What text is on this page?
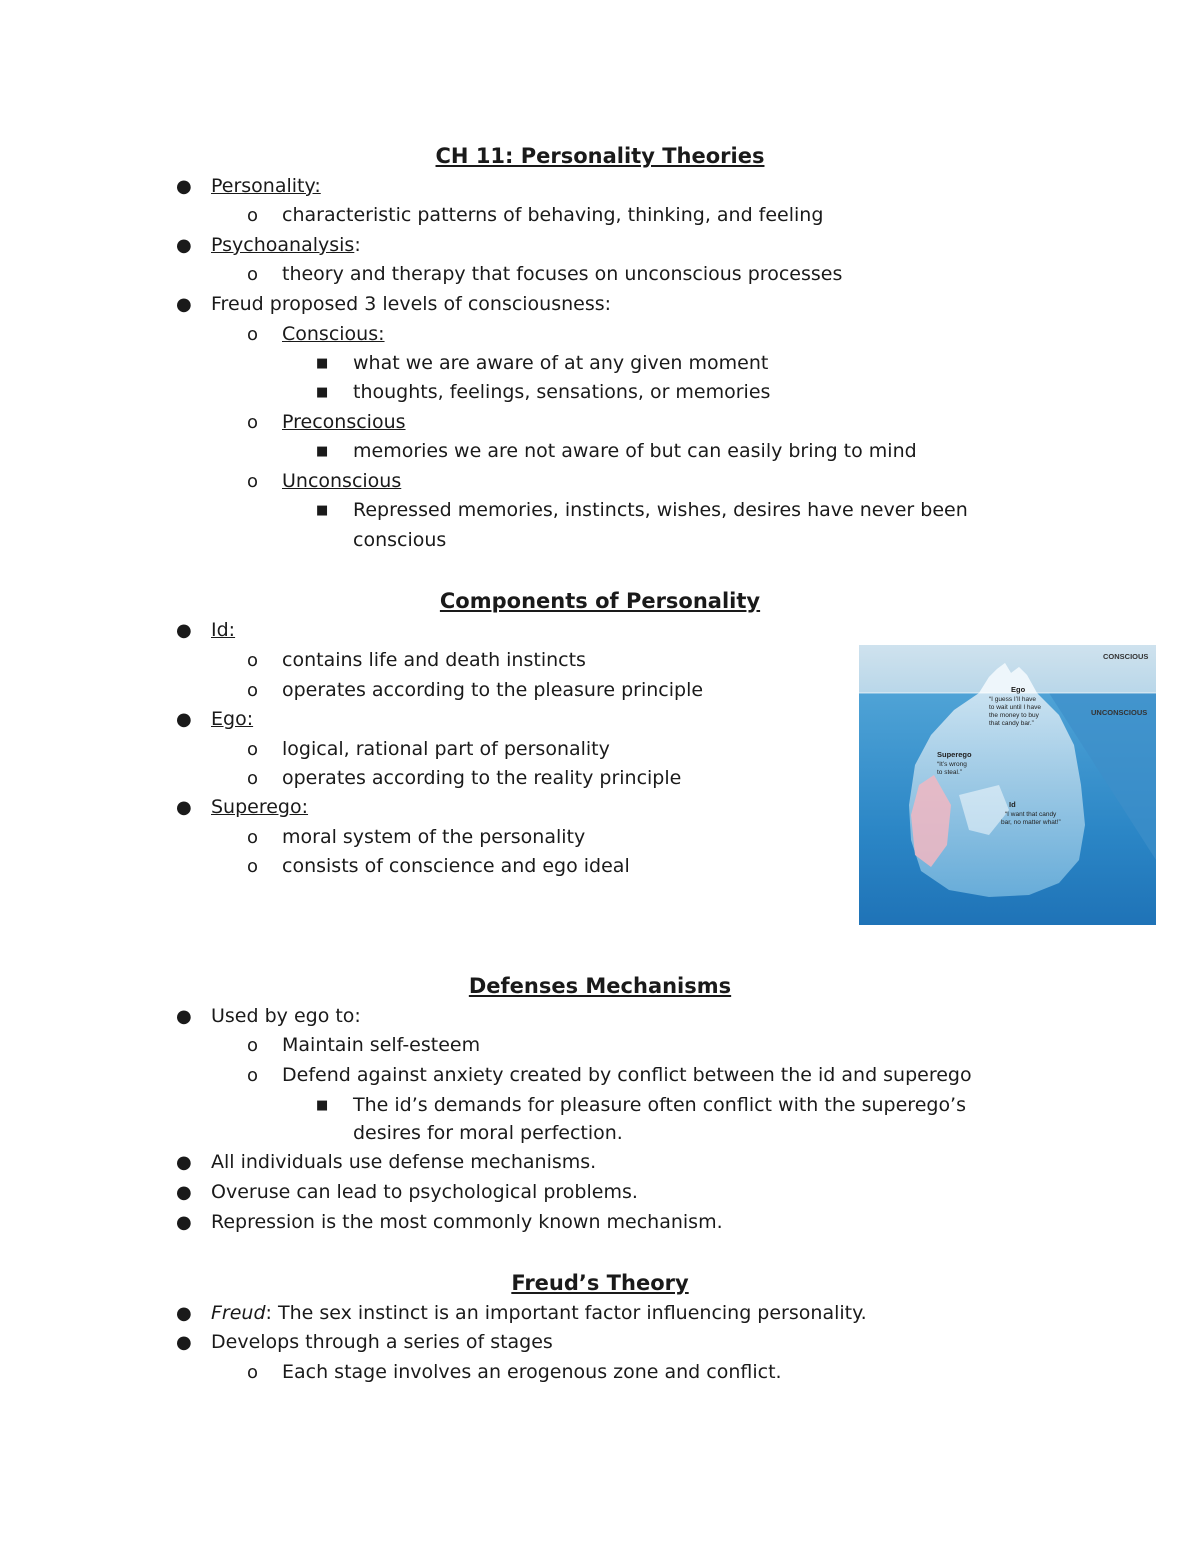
CH 11: Personality Theories
● Personality:
o characteristic patterns of behaving, thinking, and feeling
● Psychoanalysis:
o theory and therapy that focuses on unconscious processes
● Freud proposed 3 levels of consciousness:
o Conscious:
■ what we are aware of at any given moment
■ thoughts, feelings, sensations, or memories
o Preconscious
■ memories we are not aware of but can easily bring to mind
o Unconscious
■ Repressed memories, instincts, wishes, desires have never been
conscious
Components of Personality
● Id:
o contains life and death instincts
o operates according to the pleasure principle
● Ego:
o logical, rational part of personality
o operates according to the reality principle
● Superego:
o moral system of the personality
o consists of conscience and ego ideal
CONSCIOUS
UNCONSCIOUS
Ego
“I guess I’ll have
to wait until I have
the money to buy
that candy bar.”
Superego
“It’s wrong
to steal.”
Id
“I want that candy
bar, no matter what!”
Defenses Mechanisms
● Used by ego to:
o Maintain self-esteem
o Defend against anxiety created by conflict between the id and superego
■ The id’s demands for pleasure often conflict with the superego’s
desires for moral perfection.
● All individuals use defense mechanisms.
● Overuse can lead to psychological problems.
● Repression is the most commonly known mechanism.
Freud’s Theory
● Freud: The sex instinct is an important factor influencing personality.
● Develops through a series of stages
o Each stage involves an erogenous zone and conflict.
